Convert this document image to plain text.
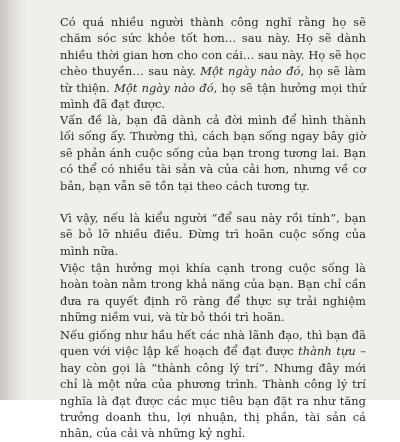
Có quá nhiều người thành công nghĩ rằng họ sẽ chăm sóc sức khỏe tốt hơn… sau này. Họ sẽ dành nhiều thời gian hơn cho con cái… sau này. Họ sẽ học chèo thuyền… sau này. Một ngày nào đó, họ sẽ làm từ thiện. Một ngày nào đó, họ sẽ tận hưởng mọi thứ mình đã đạt được.

Vấn đề là, bạn đã dành cả đời mình để hình thành lối sống ấy. Thường thì, cách bạn sống ngay bây giờ sẽ phản ánh cuộc sống của bạn trong tương lai. Bạn có thể có nhiều tài sản và của cải hơn, nhưng về cơ bản, bạn vẫn sẽ tồn tại theo cách tương tự.

Vì vậy, nếu là kiểu người “để sau này rồi tính”, bạn sẽ bỏ lỡ nhiều điều. Đừng trì hoãn cuộc sống của mình nữa.

Việc tận hưởng mọi khía cạnh trong cuộc sống là hoàn toàn nằm trong khả năng của bạn. Bạn chỉ cần đưa ra quyết định rõ ràng để thực sự trải nghiệm những niềm vui, và từ bỏ thói trì hoãn.

Nếu giống như hầu hết các nhà lãnh đạo, thì bạn đã quen với việc lập kế hoạch để đạt được thành tựu – hay còn gọi là “thành công lý trí”. Nhưng đây mới chỉ là một nửa của phương trình. Thành công lý trí nghĩa là đạt được các mục tiêu bạn đặt ra như tăng trưởng doanh thu, lợi nhuận, thị phần, tài sản cá nhân, của cải và những kỷ nghỉ.
